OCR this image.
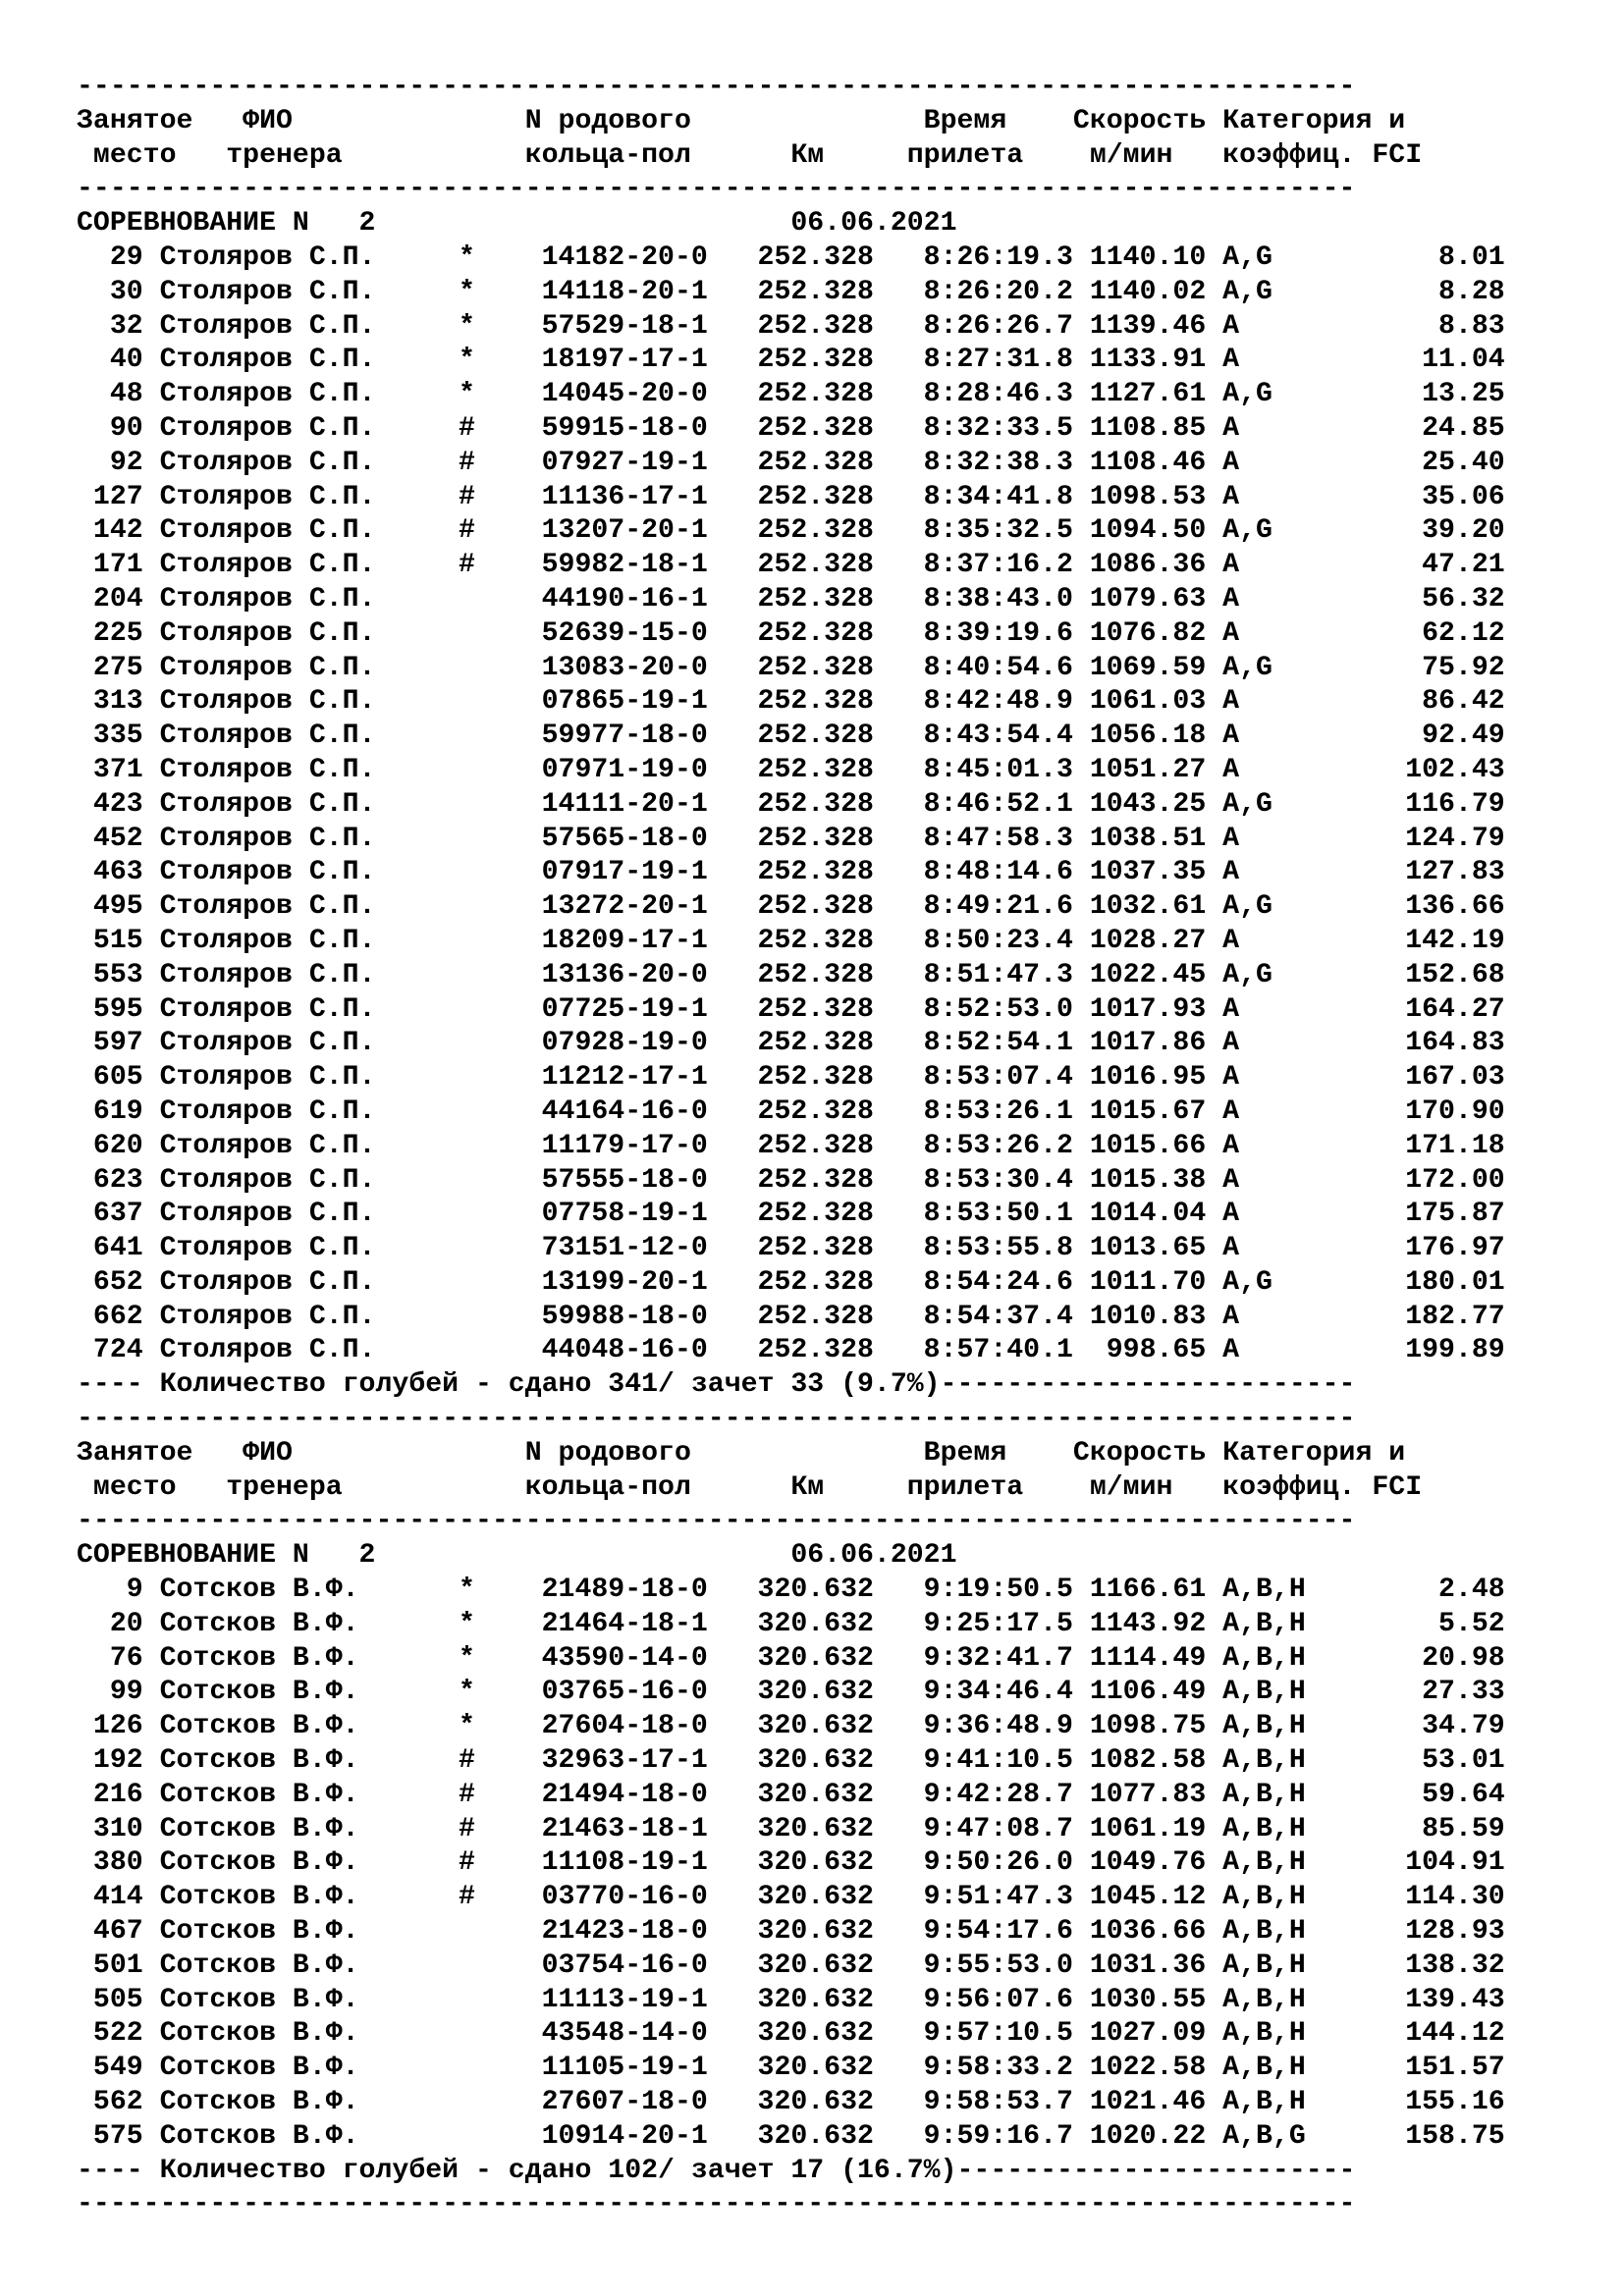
-----------------------------------------------------------------------------
Занятое   ФИО              N родового              Время    Скорость Категория и
место   тренера           кольца-пол      Км     прилета    м/мин   коэффиц. FCI
-----------------------------------------------------------------------------
СОРЕВНОВАНИЕ N   2                         06.06.2021
29 Столяров С.П.     *    14182-20-0   252.328   8:26:19.3 1140.10 A,G          8.01
30 Столяров С.П.     *    14118-20-1   252.328   8:26:20.2 1140.02 A,G          8.28
32 Столяров С.П.     *    57529-18-1   252.328   8:26:26.7 1139.46 A            8.83
40 Столяров С.П.     *    18197-17-1   252.328   8:27:31.8 1133.91 A           11.04
48 Столяров С.П.     *    14045-20-0   252.328   8:28:46.3 1127.61 A,G         13.25
90 Столяров С.П.     #    59915-18-0   252.328   8:32:33.5 1108.85 A           24.85
92 Столяров С.П.     #    07927-19-1   252.328   8:32:38.3 1108.46 A           25.40
127 Столяров С.П.     #    11136-17-1   252.328   8:34:41.8 1098.53 A           35.06
142 Столяров С.П.     #    13207-20-1   252.328   8:35:32.5 1094.50 A,G         39.20
171 Столяров С.П.     #    59982-18-1   252.328   8:37:16.2 1086.36 A           47.21
204 Столяров С.П.          44190-16-1   252.328   8:38:43.0 1079.63 A           56.32
225 Столяров С.П.          52639-15-0   252.328   8:39:19.6 1076.82 A           62.12
275 Столяров С.П.          13083-20-0   252.328   8:40:54.6 1069.59 A,G         75.92
313 Столяров С.П.          07865-19-1   252.328   8:42:48.9 1061.03 A           86.42
335 Столяров С.П.          59977-18-0   252.328   8:43:54.4 1056.18 A           92.49
371 Столяров С.П.          07971-19-0   252.328   8:45:01.3 1051.27 A          102.43
423 Столяров С.П.          14111-20-1   252.328   8:46:52.1 1043.25 A,G        116.79
452 Столяров С.П.          57565-18-0   252.328   8:47:58.3 1038.51 A          124.79
463 Столяров С.П.          07917-19-1   252.328   8:48:14.6 1037.35 A          127.83
495 Столяров С.П.          13272-20-1   252.328   8:49:21.6 1032.61 A,G        136.66
515 Столяров С.П.          18209-17-1   252.328   8:50:23.4 1028.27 A          142.19
553 Столяров С.П.          13136-20-0   252.328   8:51:47.3 1022.45 A,G        152.68
595 Столяров С.П.          07725-19-1   252.328   8:52:53.0 1017.93 A          164.27
597 Столяров С.П.          07928-19-0   252.328   8:52:54.1 1017.86 A          164.83
605 Столяров С.П.          11212-17-1   252.328   8:53:07.4 1016.95 A          167.03
619 Столяров С.П.          44164-16-0   252.328   8:53:26.1 1015.67 A          170.90
620 Столяров С.П.          11179-17-0   252.328   8:53:26.2 1015.66 A          171.18
623 Столяров С.П.          57555-18-0   252.328   8:53:30.4 1015.38 A          172.00
637 Столяров С.П.          07758-19-1   252.328   8:53:50.1 1014.04 A          175.87
641 Столяров С.П.          73151-12-0   252.328   8:53:55.8 1013.65 A          176.97
652 Столяров С.П.          13199-20-1   252.328   8:54:24.6 1011.70 A,G        180.01
662 Столяров С.П.          59988-18-0   252.328   8:54:37.4 1010.83 A          182.77
724 Столяров С.П.          44048-16-0   252.328   8:57:40.1  998.65 A          199.89
---- Количество голубей - сдано 341/ зачет 33 (9.7%)-------------------------
-----------------------------------------------------------------------------
Занятое   ФИО              N родового              Время    Скорость Категория и
место   тренера           кольца-пол      Км     прилета    м/мин   коэффиц. FCI
-----------------------------------------------------------------------------
СОРЕВНОВАНИЕ N   2                         06.06.2021
9 Сотсков В.Ф.      *    21489-18-0   320.632   9:19:50.5 1166.61 A,B,H        2.48
20 Сотсков В.Ф.      *    21464-18-1   320.632   9:25:17.5 1143.92 A,B,H        5.52
76 Сотсков В.Ф.      *    43590-14-0   320.632   9:32:41.7 1114.49 A,B,H       20.98
99 Сотсков В.Ф.      *    03765-16-0   320.632   9:34:46.4 1106.49 A,B,H       27.33
126 Сотсков В.Ф.      *    27604-18-0   320.632   9:36:48.9 1098.75 A,B,H       34.79
192 Сотсков В.Ф.      #    32963-17-1   320.632   9:41:10.5 1082.58 A,B,H       53.01
216 Сотсков В.Ф.      #    21494-18-0   320.632   9:42:28.7 1077.83 A,B,H       59.64
310 Сотсков В.Ф.      #    21463-18-1   320.632   9:47:08.7 1061.19 A,B,H       85.59
380 Сотсков В.Ф.      #    11108-19-1   320.632   9:50:26.0 1049.76 A,B,H      104.91
414 Сотсков В.Ф.      #    03770-16-0   320.632   9:51:47.3 1045.12 A,B,H      114.30
467 Сотсков В.Ф.           21423-18-0   320.632   9:54:17.6 1036.66 A,B,H      128.93
501 Сотсков В.Ф.           03754-16-0   320.632   9:55:53.0 1031.36 A,B,H      138.32
505 Сотсков В.Ф.           11113-19-1   320.632   9:56:07.6 1030.55 A,B,H      139.43
522 Сотсков В.Ф.           43548-14-0   320.632   9:57:10.5 1027.09 A,B,H      144.12
549 Сотсков В.Ф.           11105-19-1   320.632   9:58:33.2 1022.58 A,B,H      151.57
562 Сотсков В.Ф.           27607-18-0   320.632   9:58:53.7 1021.46 A,B,H      155.16
575 Сотсков В.Ф.           10914-20-1   320.632   9:59:16.7 1020.22 A,B,G      158.75
---- Количество голубей - сдано 102/ зачет 17 (16.7%)------------------------
-----------------------------------------------------------------------------
